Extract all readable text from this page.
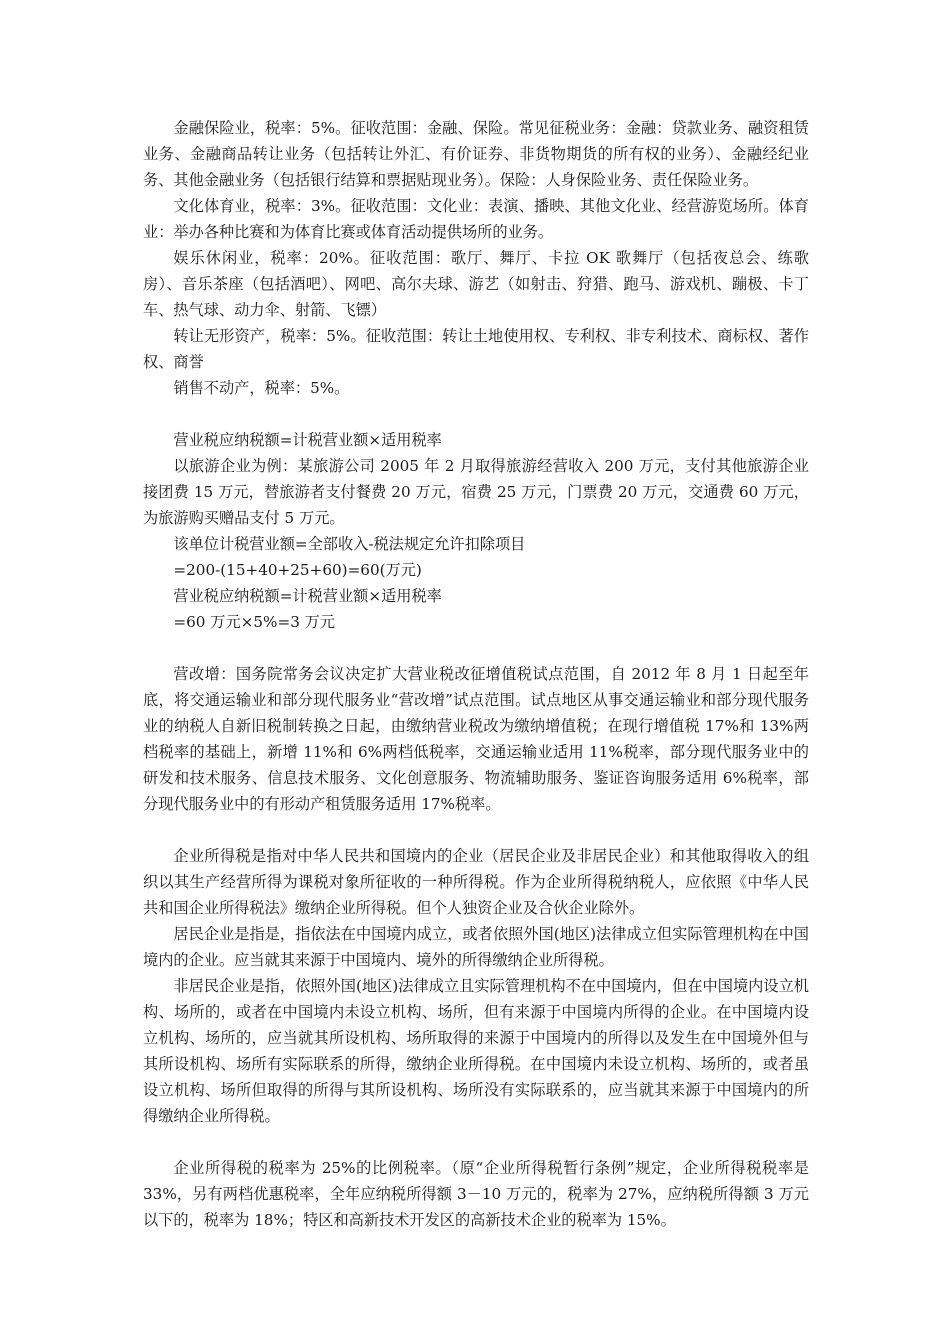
金融保险业，税率：5%。征收范围：金融、保险。常见征税业务：金融：贷款业务、融资租赁业务、金融商品转让业务（包括转让外汇、有价证券、非货物期货的所有权的业务）、金融经纪业务、其他金融业务（包括银行结算和票据贴现业务）。保险：人身保险业务、责任保险业务。

文化体育业，税率：3%。征收范围：文化业：表演、播映、其他文化业、经营游览场所。体育业：举办各种比赛和为体育比赛或体育活动提供场所的业务。

娱乐休闲业，税率：20%。征收范围：歌厅、舞厅、卡拉 OK 歌舞厅（包括夜总会、练歌房）、音乐茶座（包括酒吧）、网吧、高尔夫球、游艺（如射击、狩猎、跑马、游戏机、蹦极、卡丁车、热气球、动力伞、射箭、飞镖）

转让无形资产，税率：5%。征收范围：转让土地使用权、专利权、非专利技术、商标权、著作权、商誉

销售不动产，税率：5%。

营业税应纳税额=计税营业额×适用税率

以旅游企业为例：某旅游公司 2005 年 2 月取得旅游经营收入 200 万元，支付其他旅游企业接团费 15 万元，替旅游者支付餐费 20 万元，宿费 25 万元，门票费 20 万元，交通费 60 万元，为旅游购买赠品支付 5 万元。

该单位计税营业额=全部收入-税法规定允许扣除项目

=200-(15+40+25+60)=60(万元)

营业税应纳税额=计税营业额×适用税率

=60 万元×5%=3 万元

营改增：国务院常务会议决定扩大营业税改征增值税试点范围，自 2012 年 8 月 1 日起至年底，将交通运输业和部分现代服务业“营改增”试点范围。试点地区从事交通运输业和部分现代服务业的纳税人自新旧税制转换之日起，由缴纳营业税改为缴纳增值税；在现行增值税 17%和 13%两档税率的基础上，新增 11%和 6%两档低税率，交通运输业适用 11%税率，部分现代服务业中的研发和技术服务、信息技术服务、文化创意服务、物流辅助服务、鉴证咨询服务适用 6%税率，部分现代服务业中的有形动产租赁服务适用 17%税率。

企业所得税是指对中华人民共和国境内的企业（居民企业及非居民企业）和其他取得收入的组织以其生产经营所得为课税对象所征收的一种所得税。作为企业所得税纳税人，应依照《中华人民共和国企业所得税法》缴纳企业所得税。但个人独资企业及合伙企业除外。

居民企业是指是，指依法在中国境内成立，或者依照外国(地区)法律成立但实际管理机构在中国境内的企业。应当就其来源于中国境内、境外的所得缴纳企业所得税。

非居民企业是指，依照外国(地区)法律成立且实际管理机构不在中国境内，但在中国境内设立机构、场所的，或者在中国境内未设立机构、场所，但有来源于中国境内所得的企业。在中国境内设立机构、场所的，应当就其所设机构、场所取得的来源于中国境内的所得以及发生在中国境外但与其所设机构、场所有实际联系的所得，缴纳企业所得税。在中国境内未设立机构、场所的，或者虽设立机构、场所但取得的所得与其所设机构、场所没有实际联系的，应当就其来源于中国境内的所得缴纳企业所得税。

企业所得税的税率为 25%的比例税率。（原“企业所得税暂行条例”规定，企业所得税税率是 33%，另有两档优惠税率，全年应纳税所得额 3－10 万元的，税率为 27%，应纳税所得额 3 万元以下的，税率为 18%；特区和高新技术开发区的高新技术企业的税率为 15%。
